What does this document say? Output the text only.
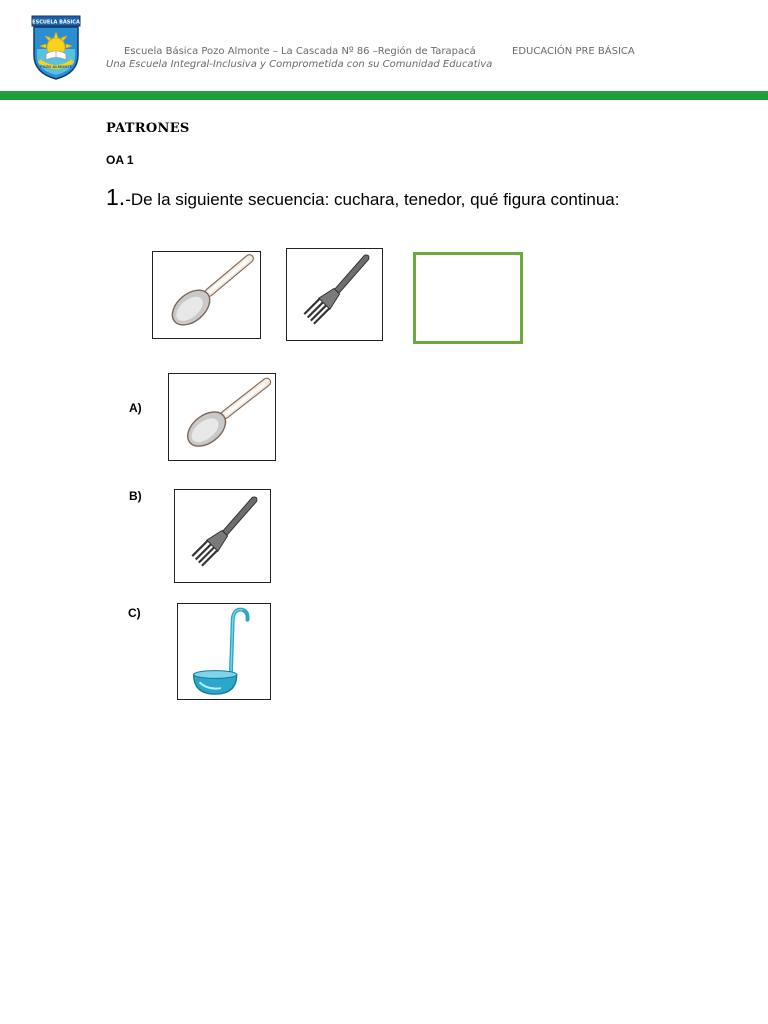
ESCUELA BÁSICA
POZO ALMONTE
Escuela Básica Pozo Almonte – La Cascada Nº 86 –Región de Tarapacá	EDUCACIÓN PRE BÁSICA
Una Escuela Integral-Inclusiva y Comprometida con su Comunidad Educativa
PATRONES
OA 1
1.-De la siguiente secuencia: cuchara, tenedor, qué figura continua:
A)
B)
C)
